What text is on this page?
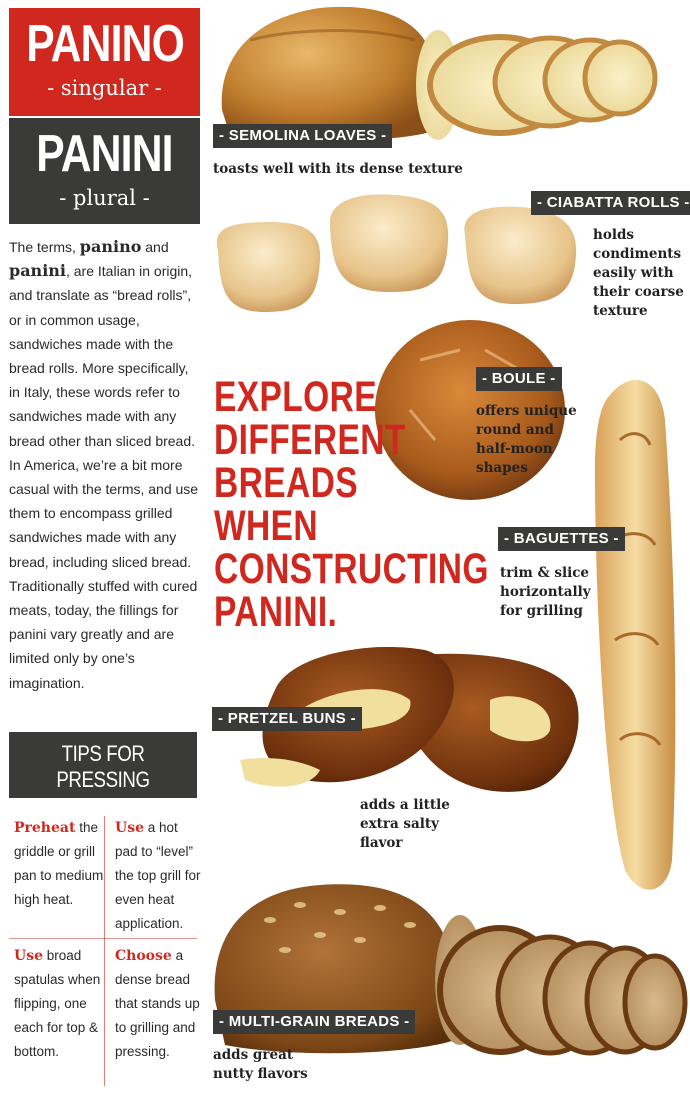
PANINO
- singular -
PANINI
- plural -
The terms, panino and panini, are Italian in origin, and translate as “bread rolls”, or in common usage, sandwiches made with the bread rolls. More specifically, in Italy, these words refer to sandwiches made with any bread other than sliced bread. In America, we’re a bit more casual with the terms, and use them to encompass grilled sandwiches made with any bread, including sliced bread. Traditionally stuffed with cured meats, today, the fillings for panini vary greatly and are limited only by one’s imagination.
TIPS FOR PRESSING
- perfect panini -
Preheat the griddle or grill pan to medium high heat.
Use a hot pad to “level” the top grill for even heat application.
Use broad spatulas when flipping, one each for top & bottom.
Choose a dense bread that stands up to grilling and pressing.
EXPLORE
DIFFERENT
BREADS
WHEN
CONSTRUCTING
PANINI.
- SEMOLINA LOAVES -
toasts well with its dense texture
- CIABATTA ROLLS -
holds condiments easily with their coarse texture
- BOULE -
offers unique round and half-moon shapes
- BAGUETTES -
trim & slice horizontally for grilling
- PRETZEL BUNS -
adds a little extra salty flavor
- MULTI-GRAIN BREADS -
adds great nutty flavors
